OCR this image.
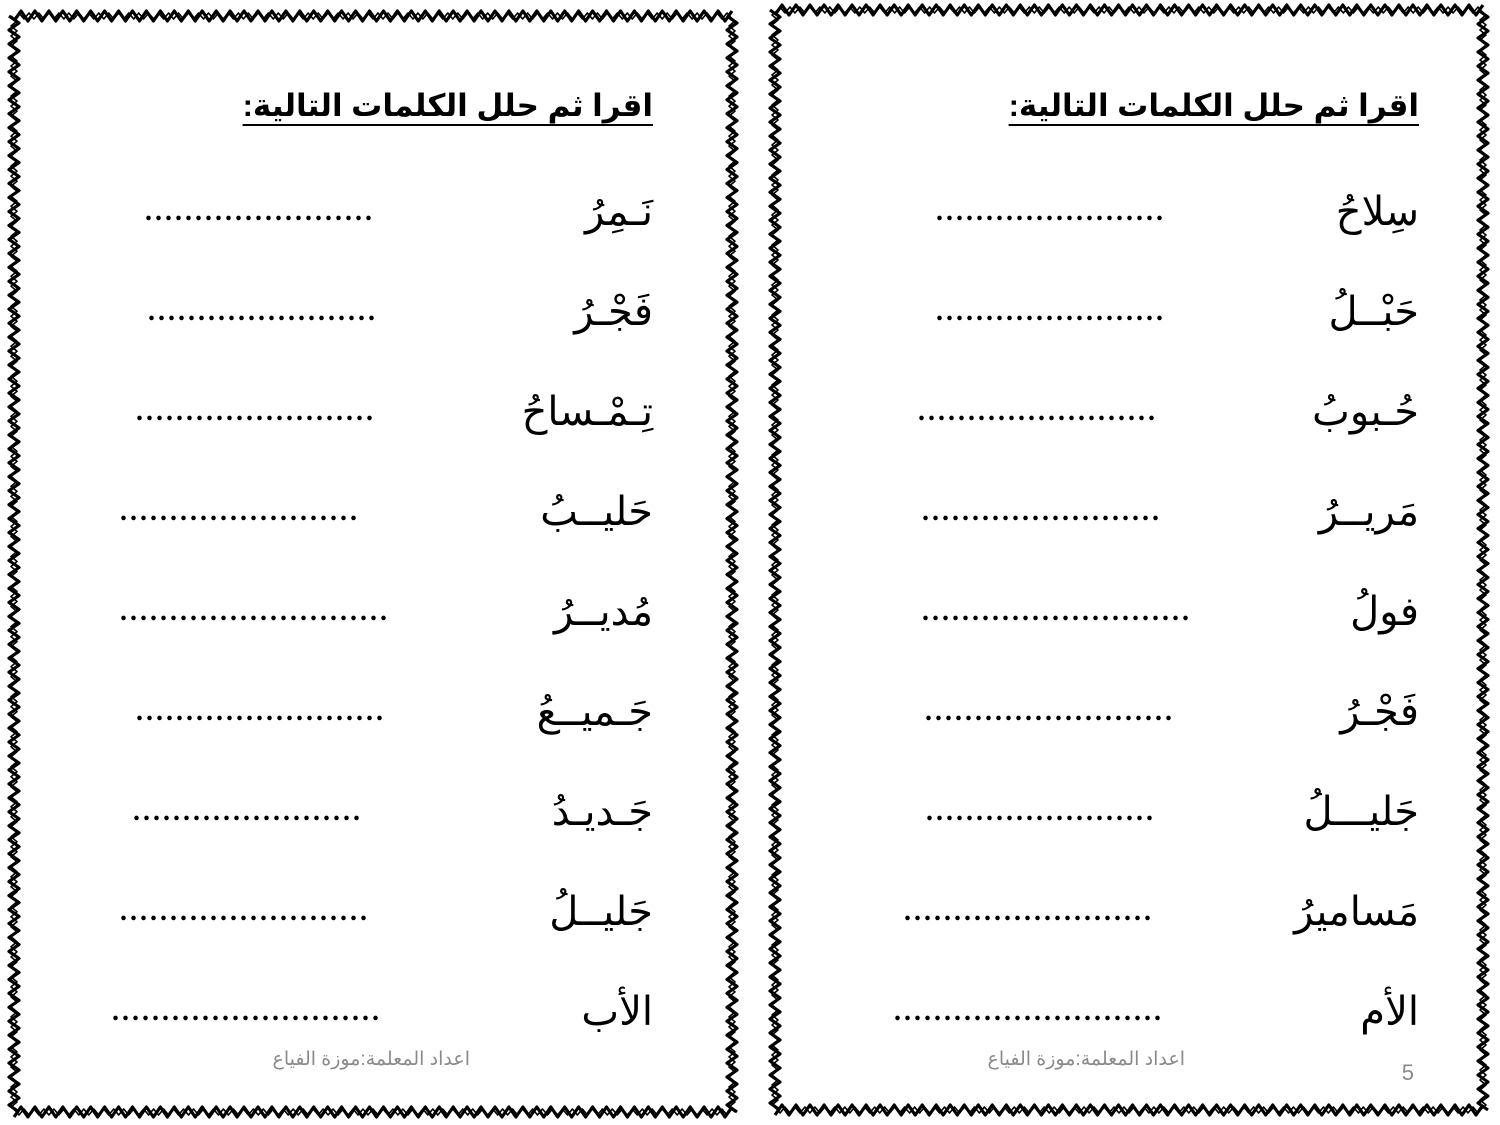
اقرا ثم حلل الكلمات التالية:
نَـمِرُ
.......................
فَجْـرُ
.......................
تِـمْـساحُ
........................
حَليــبُ
........................
مُديــرُ
...........................
جَـميــعُ
.........................
جَـديـدُ
.......................
جَليــلُ
.........................
الأب
...........................
اعداد المعلمة:موزة الفياع
اقرا ثم حلل الكلمات التالية:
سِلاحُ
.......................
حَبْــلُ
.......................
حُـبوبُ
........................
مَريــرُ
........................
فولُ
...........................
فَجْـرُ
.........................
جَليـــلُ
.......................
مَساميرُ
.........................
الأم
...........................
اعداد المعلمة:موزة الفياع
5
